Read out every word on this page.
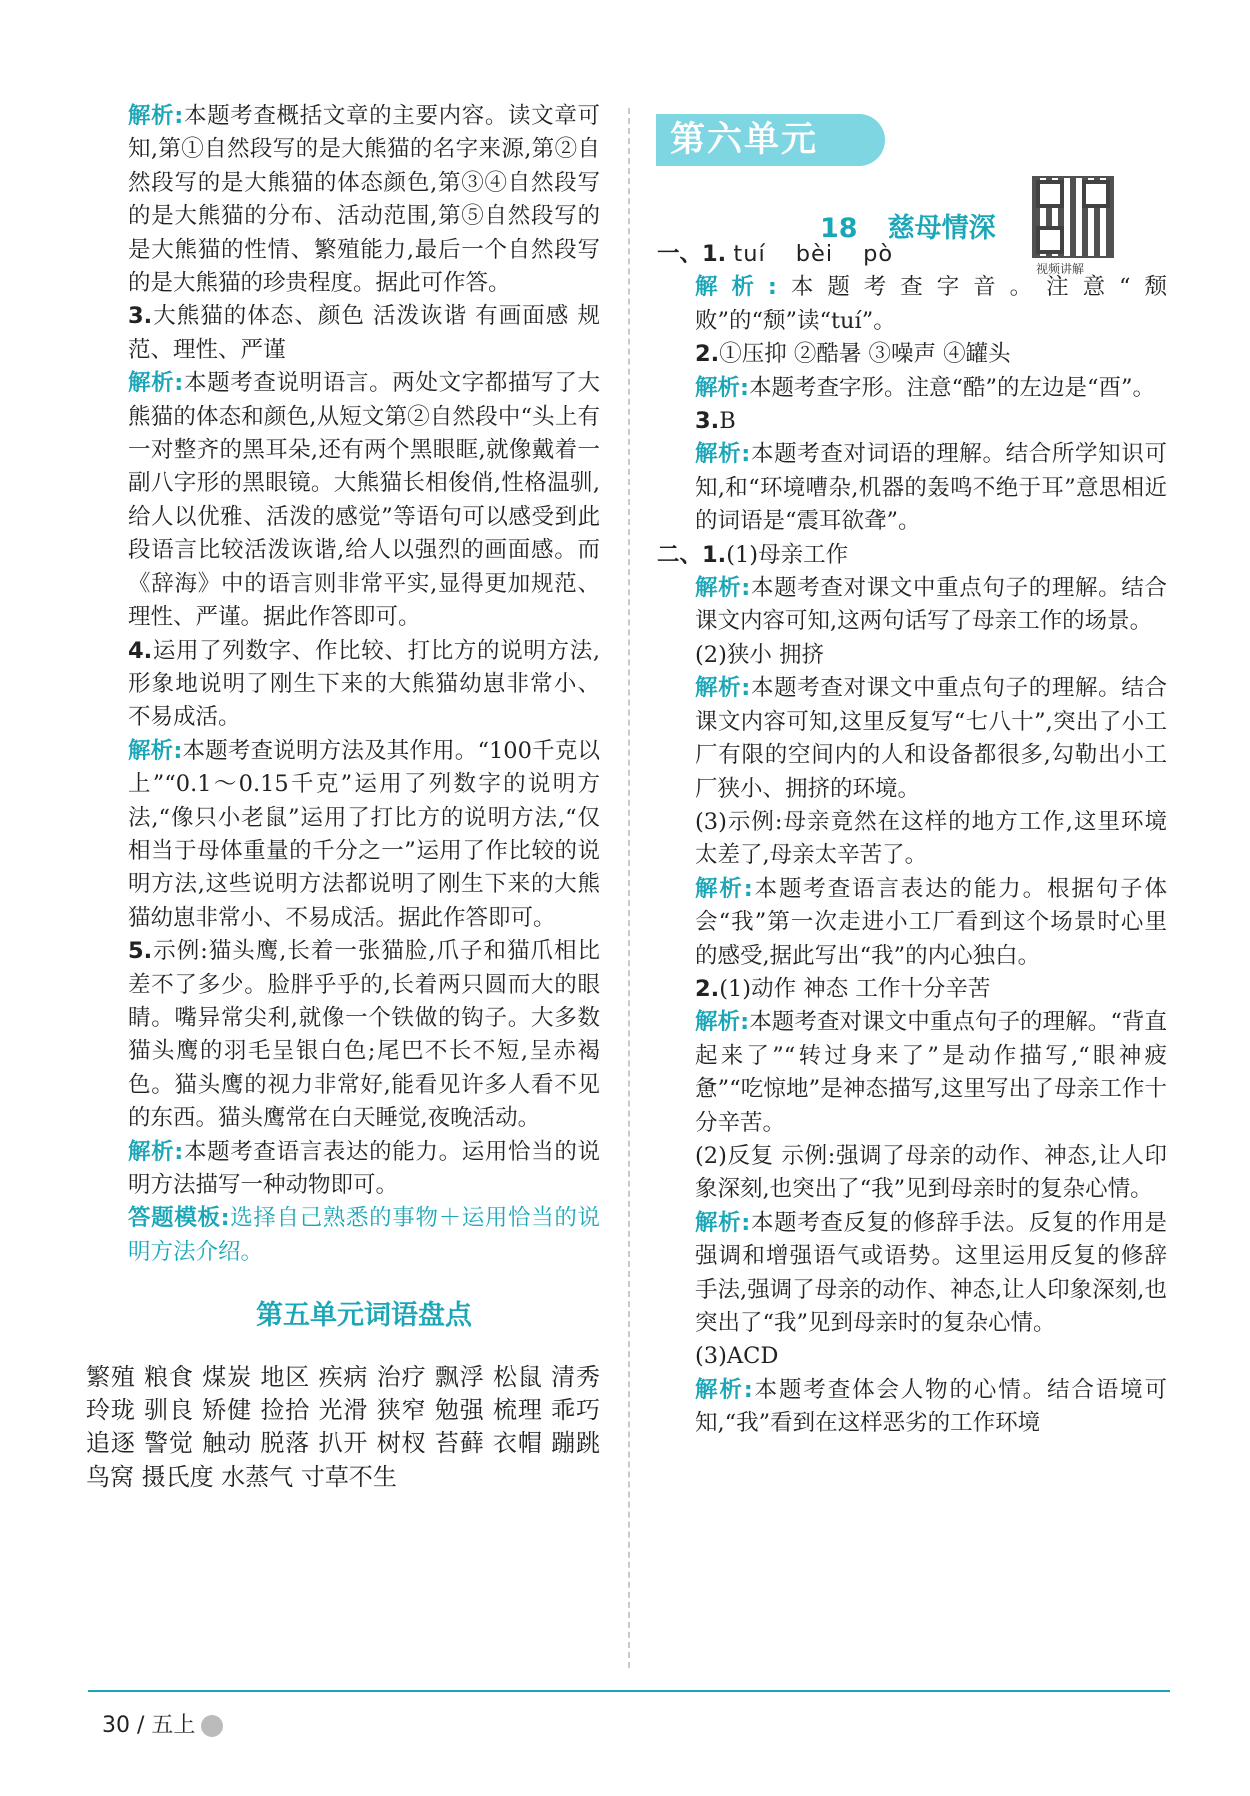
解析:本题考查概括文章的主要内容。读文章可知,第①自然段写的是大熊猫的名字来源,第②自然段写的是大熊猫的体态颜色,第③④自然段写的是大熊猫的分布、活动范围,第⑤自然段写的是大熊猫的性情、繁殖能力,最后一个自然段写的是大熊猫的珍贵程度。据此可作答。

3.大熊猫的体态、颜色 活泼诙谐 有画面感 规范、理性、严谨

解析:本题考查说明语言。两处文字都描写了大熊猫的体态和颜色,从短文第②自然段中“头上有一对整齐的黑耳朵,还有两个黑眼眶,就像戴着一副八字形的黑眼镜。大熊猫长相俊俏,性格温驯,给人以优雅、活泼的感觉”等语句可以感受到此段语言比较活泼诙谐,给人以强烈的画面感。而《辞海》中的语言则非常平实,显得更加规范、理性、严谨。据此作答即可。

4.运用了列数字、作比较、打比方的说明方法,形象地说明了刚生下来的大熊猫幼崽非常小、不易成活。

解析:本题考查说明方法及其作用。“100千克以上”“0.1～0.15千克”运用了列数字的说明方法,“像只小老鼠”运用了打比方的说明方法,“仅相当于母体重量的千分之一”运用了作比较的说明方法,这些说明方法都说明了刚生下来的大熊猫幼崽非常小、不易成活。据此作答即可。

5.示例:猫头鹰,长着一张猫脸,爪子和猫爪相比差不了多少。脸胖乎乎的,长着两只圆而大的眼睛。嘴异常尖利,就像一个铁做的钩子。大多数猫头鹰的羽毛呈银白色;尾巴不长不短,呈赤褐色。猫头鹰的视力非常好,能看见许多人看不见的东西。猫头鹰常在白天睡觉,夜晚活动。

解析:本题考查语言表达的能力。运用恰当的说明方法描写一种动物即可。

答题模板:选择自己熟悉的事物＋运用恰当的说明方法介绍。

第五单元词语盘点

繁殖 粮食 煤炭 地区 疾病 治疗 飘浮 松鼠 清秀 玲珑 驯良 矫健 捡拾 光滑 狭窄 勉强 梳理 乖巧 追逐 警觉 触动 脱落 扒开 树杈 苔藓 衣帽 蹦跳 鸟窝 摄氏度 水蒸气 寸草不生

第六单元
18 慈母情深
视频讲解

一、1. tuí bèi pò

解析:本题考查字音。注意“颓败”的“颓”读“tuí”。

2.①压抑 ②酷暑 ③噪声 ④罐头

解析:本题考查字形。注意“酷”的左边是“酉”。

3.B

解析:本题考查对词语的理解。结合所学知识可知,和“环境嘈杂,机器的轰鸣不绝于耳”意思相近的词语是“震耳欲聋”。

二、1.(1)母亲工作

解析:本题考查对课文中重点句子的理解。结合课文内容可知,这两句话写了母亲工作的场景。

(2)狭小 拥挤

解析:本题考查对课文中重点句子的理解。结合课文内容可知,这里反复写“七八十”,突出了小工厂有限的空间内的人和设备都很多,勾勒出小工厂狭小、拥挤的环境。

(3)示例:母亲竟然在这样的地方工作,这里环境太差了,母亲太辛苦了。

解析:本题考查语言表达的能力。根据句子体会“我”第一次走进小工厂看到这个场景时心里的感受,据此写出“我”的内心独白。

2.(1)动作 神态 工作十分辛苦

解析:本题考查对课文中重点句子的理解。“背直起来了”“转过身来了”是动作描写,“眼神疲惫”“吃惊地”是神态描写,这里写出了母亲工作十分辛苦。

(2)反复 示例:强调了母亲的动作、神态,让人印象深刻,也突出了“我”见到母亲时的复杂心情。

解析:本题考查反复的修辞手法。反复的作用是强调和增强语气或语势。这里运用反复的修辞手法,强调了母亲的动作、神态,让人印象深刻,也突出了“我”见到母亲时的复杂心情。

(3)ACD

解析:本题考查体会人物的心情。结合语境可知,“我”看到在这样恶劣的工作环境

30 / 五上
